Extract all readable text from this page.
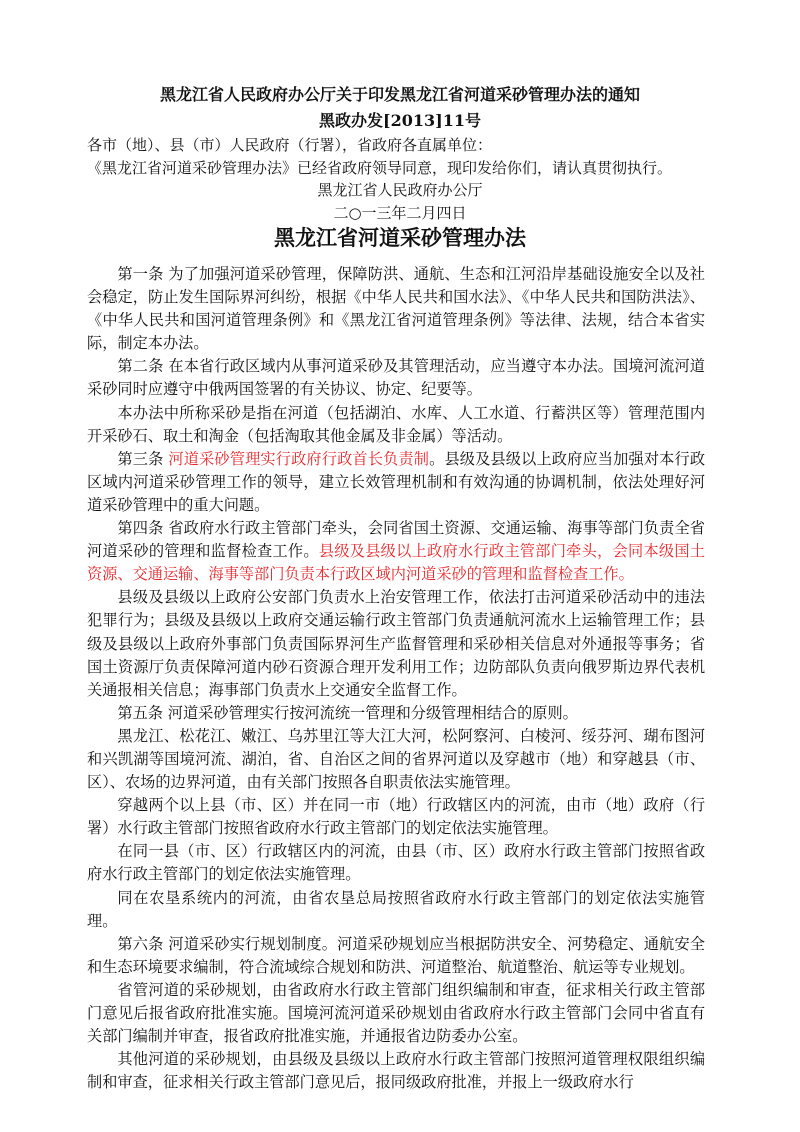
黑龙江省人民政府办公厅关于印发黑龙江省河道采砂管理办法的通知
黑政办发[2013]11号
各市（地）、县（市）人民政府（行署），省政府各直属单位：
《黑龙江省河道采砂管理办法》已经省政府领导同意，现印发给你们，请认真贯彻执行。
黑龙江省人民政府办公厅
二○一三年二月四日
黑龙江省河道采砂管理办法

第一条 为了加强河道采砂管理，保障防洪、通航、生态和江河沿岸基础设施安全以及社会稳定，防止发生国际界河纠纷，根据《中华人民共和国水法》、《中华人民共和国防洪法》、《中华人民共和国河道管理条例》和《黑龙江省河道管理条例》等法律、法规，结合本省实际，制定本办法。

第二条 在本省行政区域内从事河道采砂及其管理活动，应当遵守本办法。国境河流河道采砂同时应遵守中俄两国签署的有关协议、协定、纪要等。

本办法中所称采砂是指在河道（包括湖泊、水库、人工水道、行蓄洪区等）管理范围内开采砂石、取土和淘金（包括淘取其他金属及非金属）等活动。

第三条 河道采砂管理实行政府行政首长负责制。县级及县级以上政府应当加强对本行政区域内河道采砂管理工作的领导，建立长效管理机制和有效沟通的协调机制，依法处理好河道采砂管理中的重大问题。

第四条 省政府水行政主管部门牵头，会同省国土资源、交通运输、海事等部门负责全省河道采砂的管理和监督检查工作。县级及县级以上政府水行政主管部门牵头，会同本级国土资源、交通运输、海事等部门负责本行政区域内河道采砂的管理和监督检查工作。

县级及县级以上政府公安部门负责水上治安管理工作，依法打击河道采砂活动中的违法犯罪行为；县级及县级以上政府交通运输行政主管部门负责通航河流水上运输管理工作；县级及县级以上政府外事部门负责国际界河生产监督管理和采砂相关信息对外通报等事务；省国土资源厅负责保障河道内砂石资源合理开发利用工作；边防部队负责向俄罗斯边界代表机关通报相关信息；海事部门负责水上交通安全监督工作。

第五条 河道采砂管理实行按河流统一管理和分级管理相结合的原则。

黑龙江、松花江、嫩江、乌苏里江等大江大河，松阿察河、白棱河、绥芬河、瑚布图河和兴凯湖等国境河流、湖泊，省、自治区之间的省界河道以及穿越市（地）和穿越县（市、区）、农场的边界河道，由有关部门按照各自职责依法实施管理。

穿越两个以上县（市、区）并在同一市（地）行政辖区内的河流，由市（地）政府（行署）水行政主管部门按照省政府水行政主管部门的划定依法实施管理。

在同一县（市、区）行政辖区内的河流，由县（市、区）政府水行政主管部门按照省政府水行政主管部门的划定依法实施管理。

同在农垦系统内的河流，由省农垦总局按照省政府水行政主管部门的划定依法实施管理。

第六条 河道采砂实行规划制度。河道采砂规划应当根据防洪安全、河势稳定、通航安全和生态环境要求编制，符合流域综合规划和防洪、河道整治、航道整治、航运等专业规划。

省管河道的采砂规划，由省政府水行政主管部门组织编制和审查，征求相关行政主管部门意见后报省政府批准实施。国境河流河道采砂规划由省政府水行政主管部门会同中省直有关部门编制并审查，报省政府批准实施，并通报省边防委办公室。

其他河道的采砂规划，由县级及县级以上政府水行政主管部门按照河道管理权限组织编制和审查，征求相关行政主管部门意见后，报同级政府批准，并报上一级政府水行
